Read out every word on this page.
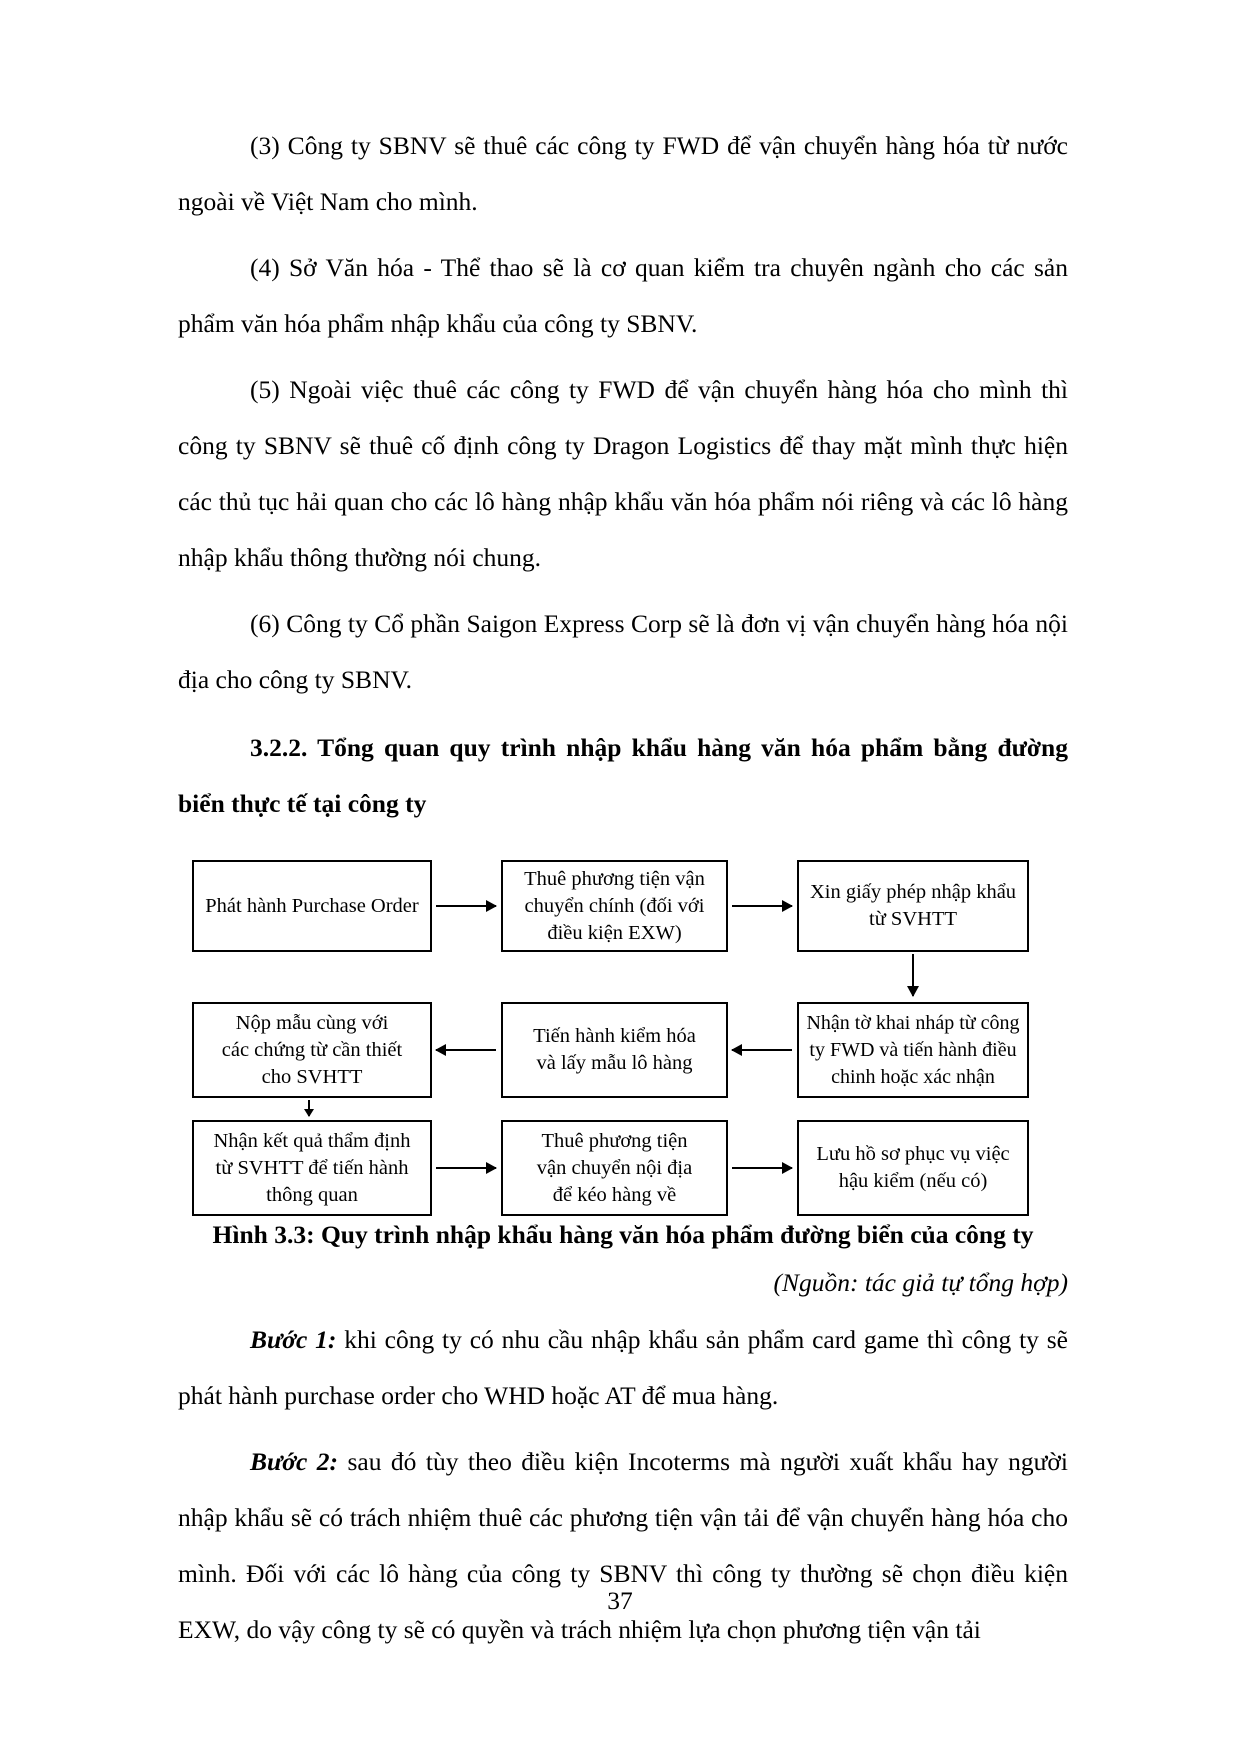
(3) Công ty SBNV sẽ thuê các công ty FWD để vận chuyển hàng hóa từ nước ngoài về Việt Nam cho mình.

(4) Sở Văn hóa - Thể thao sẽ là cơ quan kiểm tra chuyên ngành cho các sản phẩm văn hóa phẩm nhập khẩu của công ty SBNV.

(5) Ngoài việc thuê các công ty FWD để vận chuyển hàng hóa cho mình thì công ty SBNV sẽ thuê cố định công ty Dragon Logistics để thay mặt mình thực hiện các thủ tục hải quan cho các lô hàng nhập khẩu văn hóa phẩm nói riêng và các lô hàng nhập khẩu thông thường nói chung.

(6) Công ty Cổ phần Saigon Express Corp sẽ là đơn vị vận chuyển hàng hóa nội địa cho công ty SBNV.

3.2.2. Tổng quan quy trình nhập khẩu hàng văn hóa phẩm bằng đường biển thực tế tại công ty

Phát hành Purchase Order
Thuê phương tiện vận
chuyển chính (đối với
điều kiện EXW)
Xin giấy phép nhập khẩu
từ SVHTT
Nộp mẫu cùng với
các chứng từ cần thiết
cho SVHTT
Tiến hành kiểm hóa
và lấy mẫu lô hàng
Nhận tờ khai nháp từ công
ty FWD và tiến hành điều
chinh hoặc xác nhận
Nhận kết quả thẩm định
từ SVHTT để tiến hành
thông quan
Thuê phương tiện
vận chuyển nội địa
để kéo hàng về
Lưu hồ sơ phục vụ việc
hậu kiểm (nếu có)

Hình 3.3: Quy trình nhập khẩu hàng văn hóa phẩm đường biển của công ty

(Nguồn: tác giả tự tổng hợp)

Bước 1: khi công ty có nhu cầu nhập khẩu sản phẩm card game thì công ty sẽ phát hành purchase order cho WHD hoặc AT để mua hàng.

Bước 2: sau đó tùy theo điều kiện Incoterms mà người xuất khẩu hay người nhập khẩu sẽ có trách nhiệm thuê các phương tiện vận tải để vận chuyển hàng hóa cho mình. Đối với các lô hàng của công ty SBNV thì công ty thường sẽ chọn điều kiện EXW, do vậy công ty sẽ có quyền và trách nhiệm lựa chọn phương tiện vận tải

37
